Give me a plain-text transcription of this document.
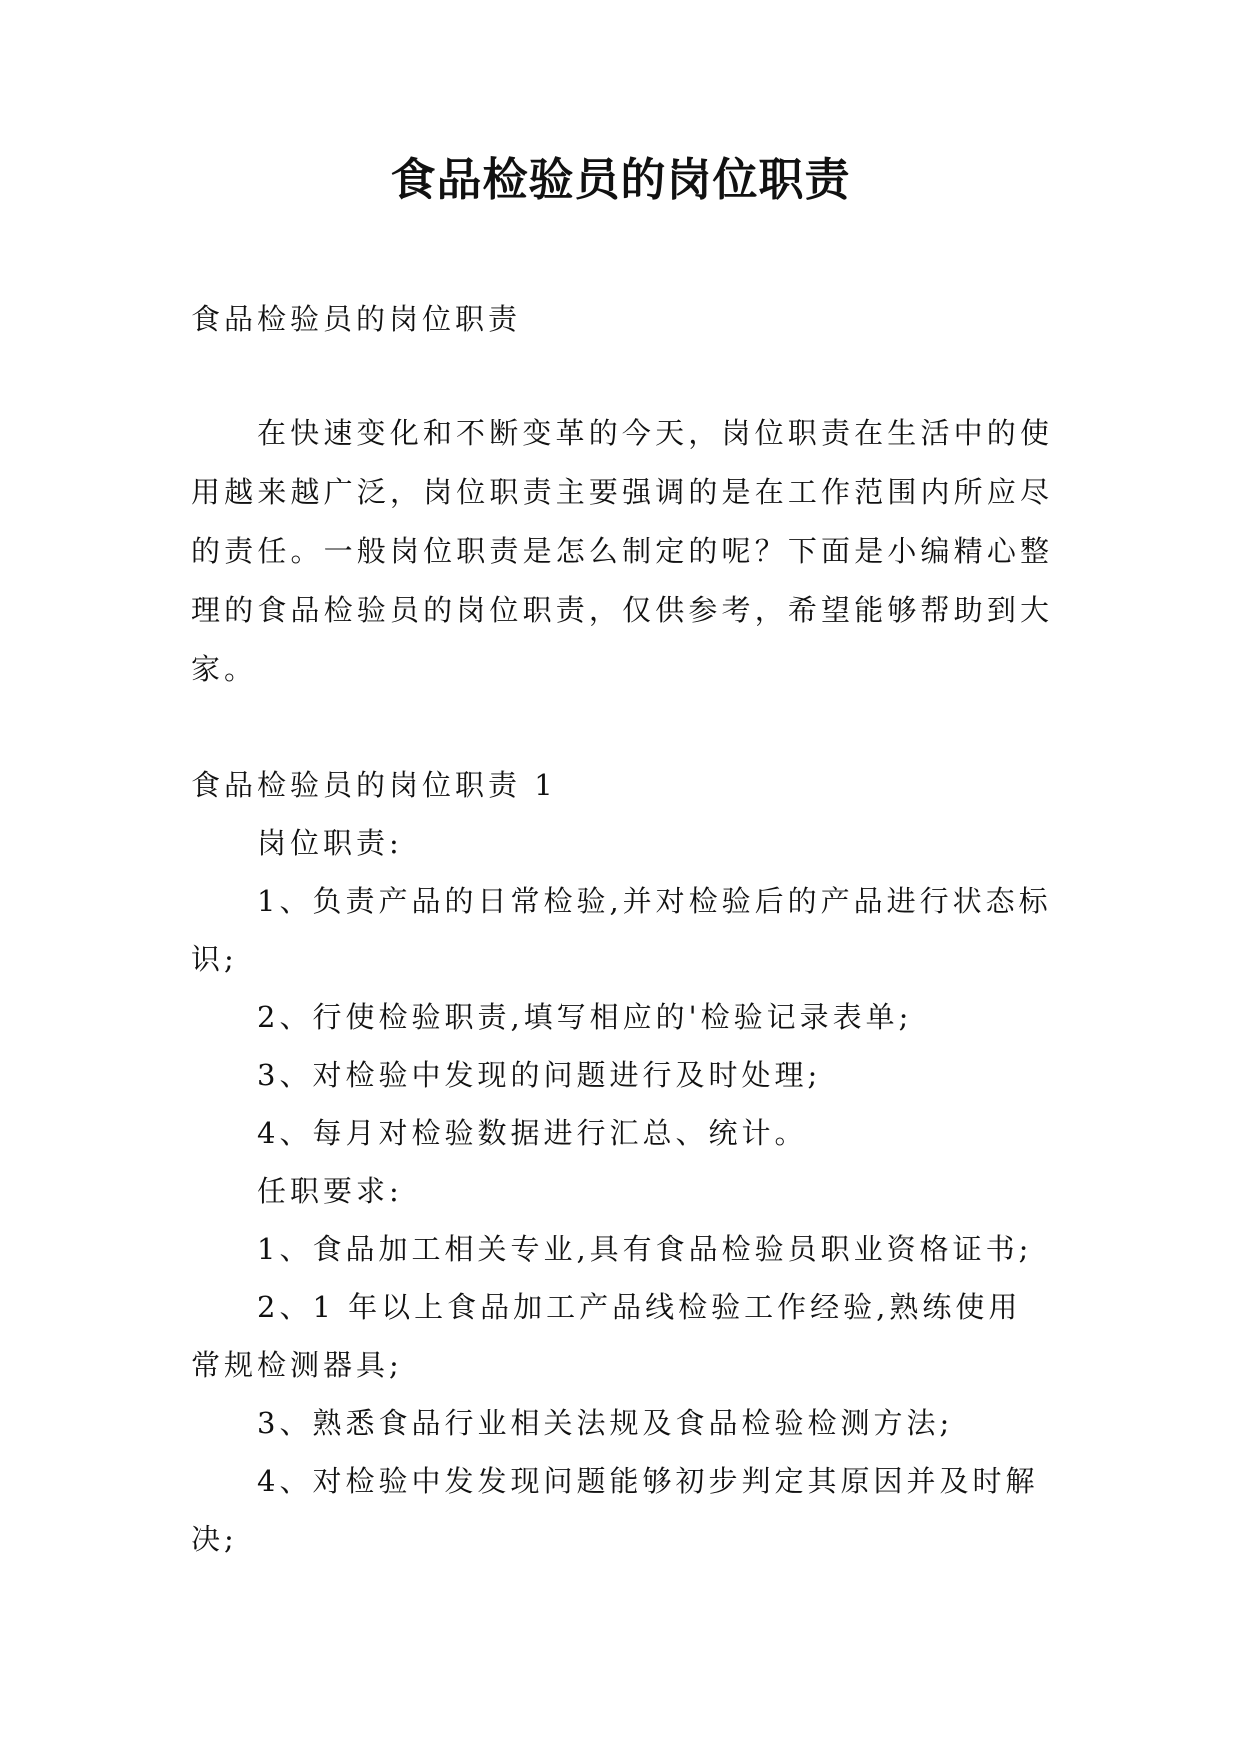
食品检验员的岗位职责

食品检验员的岗位职责

在快速变化和不断变革的今天，岗位职责在生活中的使用越来越广泛，岗位职责主要强调的是在工作范围内所应尽的责任。一般岗位职责是怎么制定的呢？下面是小编精心整理的食品检验员的岗位职责，仅供参考，希望能够帮助到大家。

食品检验员的岗位职责 1
岗位职责:
1、负责产品的日常检验,并对检验后的产品进行状态标识;
2、行使检验职责,填写相应的'检验记录表单;
3、对检验中发现的问题进行及时处理;
4、每月对检验数据进行汇总、统计。
任职要求:
1、食品加工相关专业,具有食品检验员职业资格证书;
2、1 年以上食品加工产品线检验工作经验,熟练使用常规检测器具;
3、熟悉食品行业相关法规及食品检验检测方法;
4、对检验中发发现问题能够初步判定其原因并及时解决;
